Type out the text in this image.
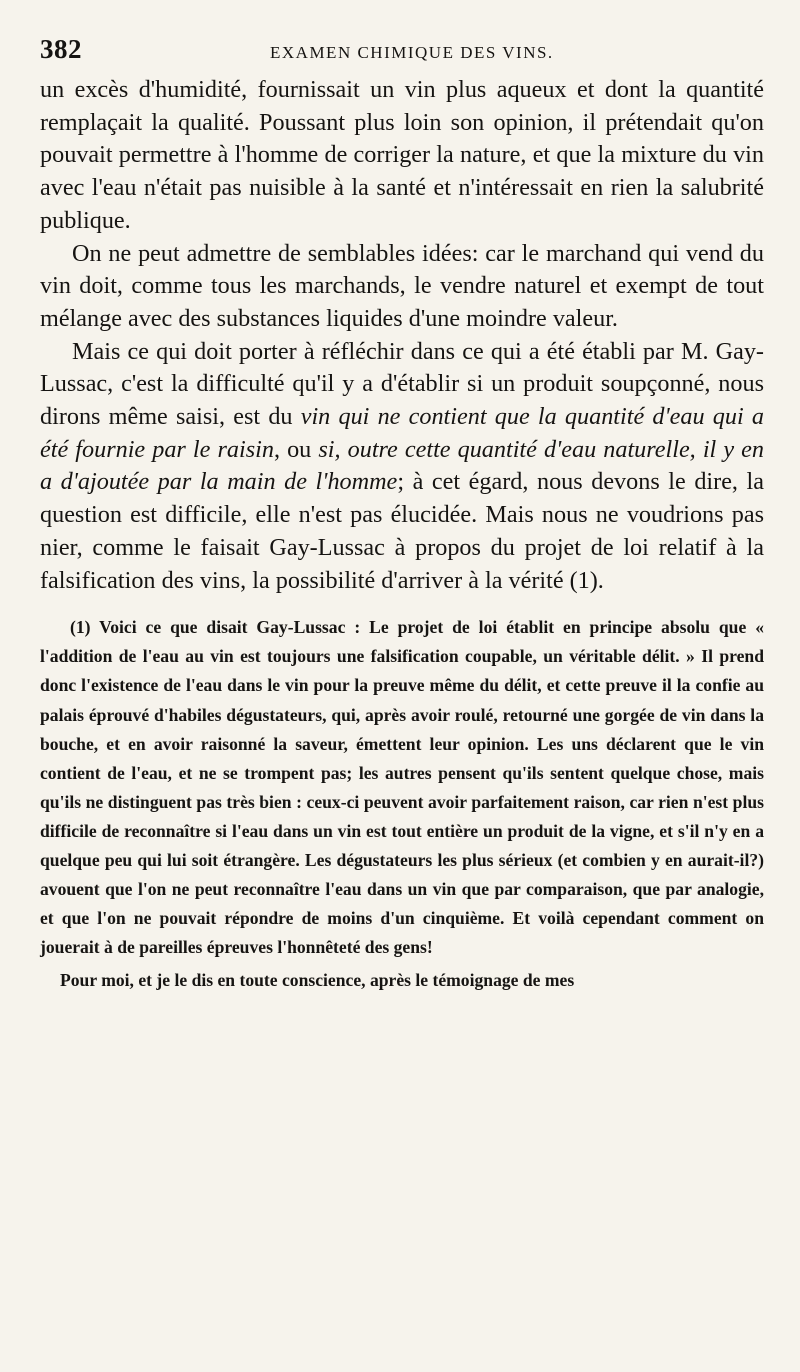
382	EXAMEN CHIMIQUE DES VINS.

un excès d'humidité, fournissait un vin plus aqueux et dont la quantité remplaçait la qualité. Poussant plus loin son opinion, il prétendait qu'on pouvait permettre à l'homme de corriger la nature, et que la mixture du vin avec l'eau n'était pas nuisible à la santé et n'intéressait en rien la salubrité publique.

On ne peut admettre de semblables idées: car le marchand qui vend du vin doit, comme tous les marchands, le vendre naturel et exempt de tout mélange avec des substances liquides d'une moindre valeur.

Mais ce qui doit porter à réfléchir dans ce qui a été établi par M. Gay-Lussac, c'est la difficulté qu'il y a d'établir si un produit soupçonné, nous dirons même saisi, est du vin qui ne contient que la quantité d'eau qui a été fournie par le raisin, ou si, outre cette quantité d'eau naturelle, il y en a d'ajoutée par la main de l'homme; à cet égard, nous devons le dire, la question est difficile, elle n'est pas élucidée. Mais nous ne voudrions pas nier, comme le faisait Gay-Lussac à propos du projet de loi relatif à la falsification des vins, la possibilité d'arriver à la vérité (1).

(1) Voici ce que disait Gay-Lussac : Le projet de loi établit en principe absolu que « l'addition de l'eau au vin est toujours une falsification coupable, un véritable délit. » Il prend donc l'existence de l'eau dans le vin pour la preuve même du délit, et cette preuve il la confie au palais éprouvé d'habiles dégustateurs, qui, après avoir roulé, retourné une gorgée de vin dans la bouche, et en avoir raisonné la saveur, émettent leur opinion. Les uns déclarent que le vin contient de l'eau, et ne se trompent pas; les autres pensent qu'ils sentent quelque chose, mais qu'ils ne distinguent pas très bien : ceux-ci peuvent avoir parfaitement raison, car rien n'est plus difficile de reconnaître si l'eau dans un vin est tout entière un produit de la vigne, et s'il n'y en a quelque peu qui lui soit étrangère. Les dégustateurs les plus sérieux (et combien y en aurait-il?) avouent que l'on ne peut reconnaître l'eau dans un vin que par comparaison, que par analogie, et que l'on ne pouvait répondre de moins d'un cinquième. Et voilà cependant comment on jouerait à de pareilles épreuves l'honnêteté des gens!

Pour moi, et je le dis en toute conscience, après le témoignage de mes
